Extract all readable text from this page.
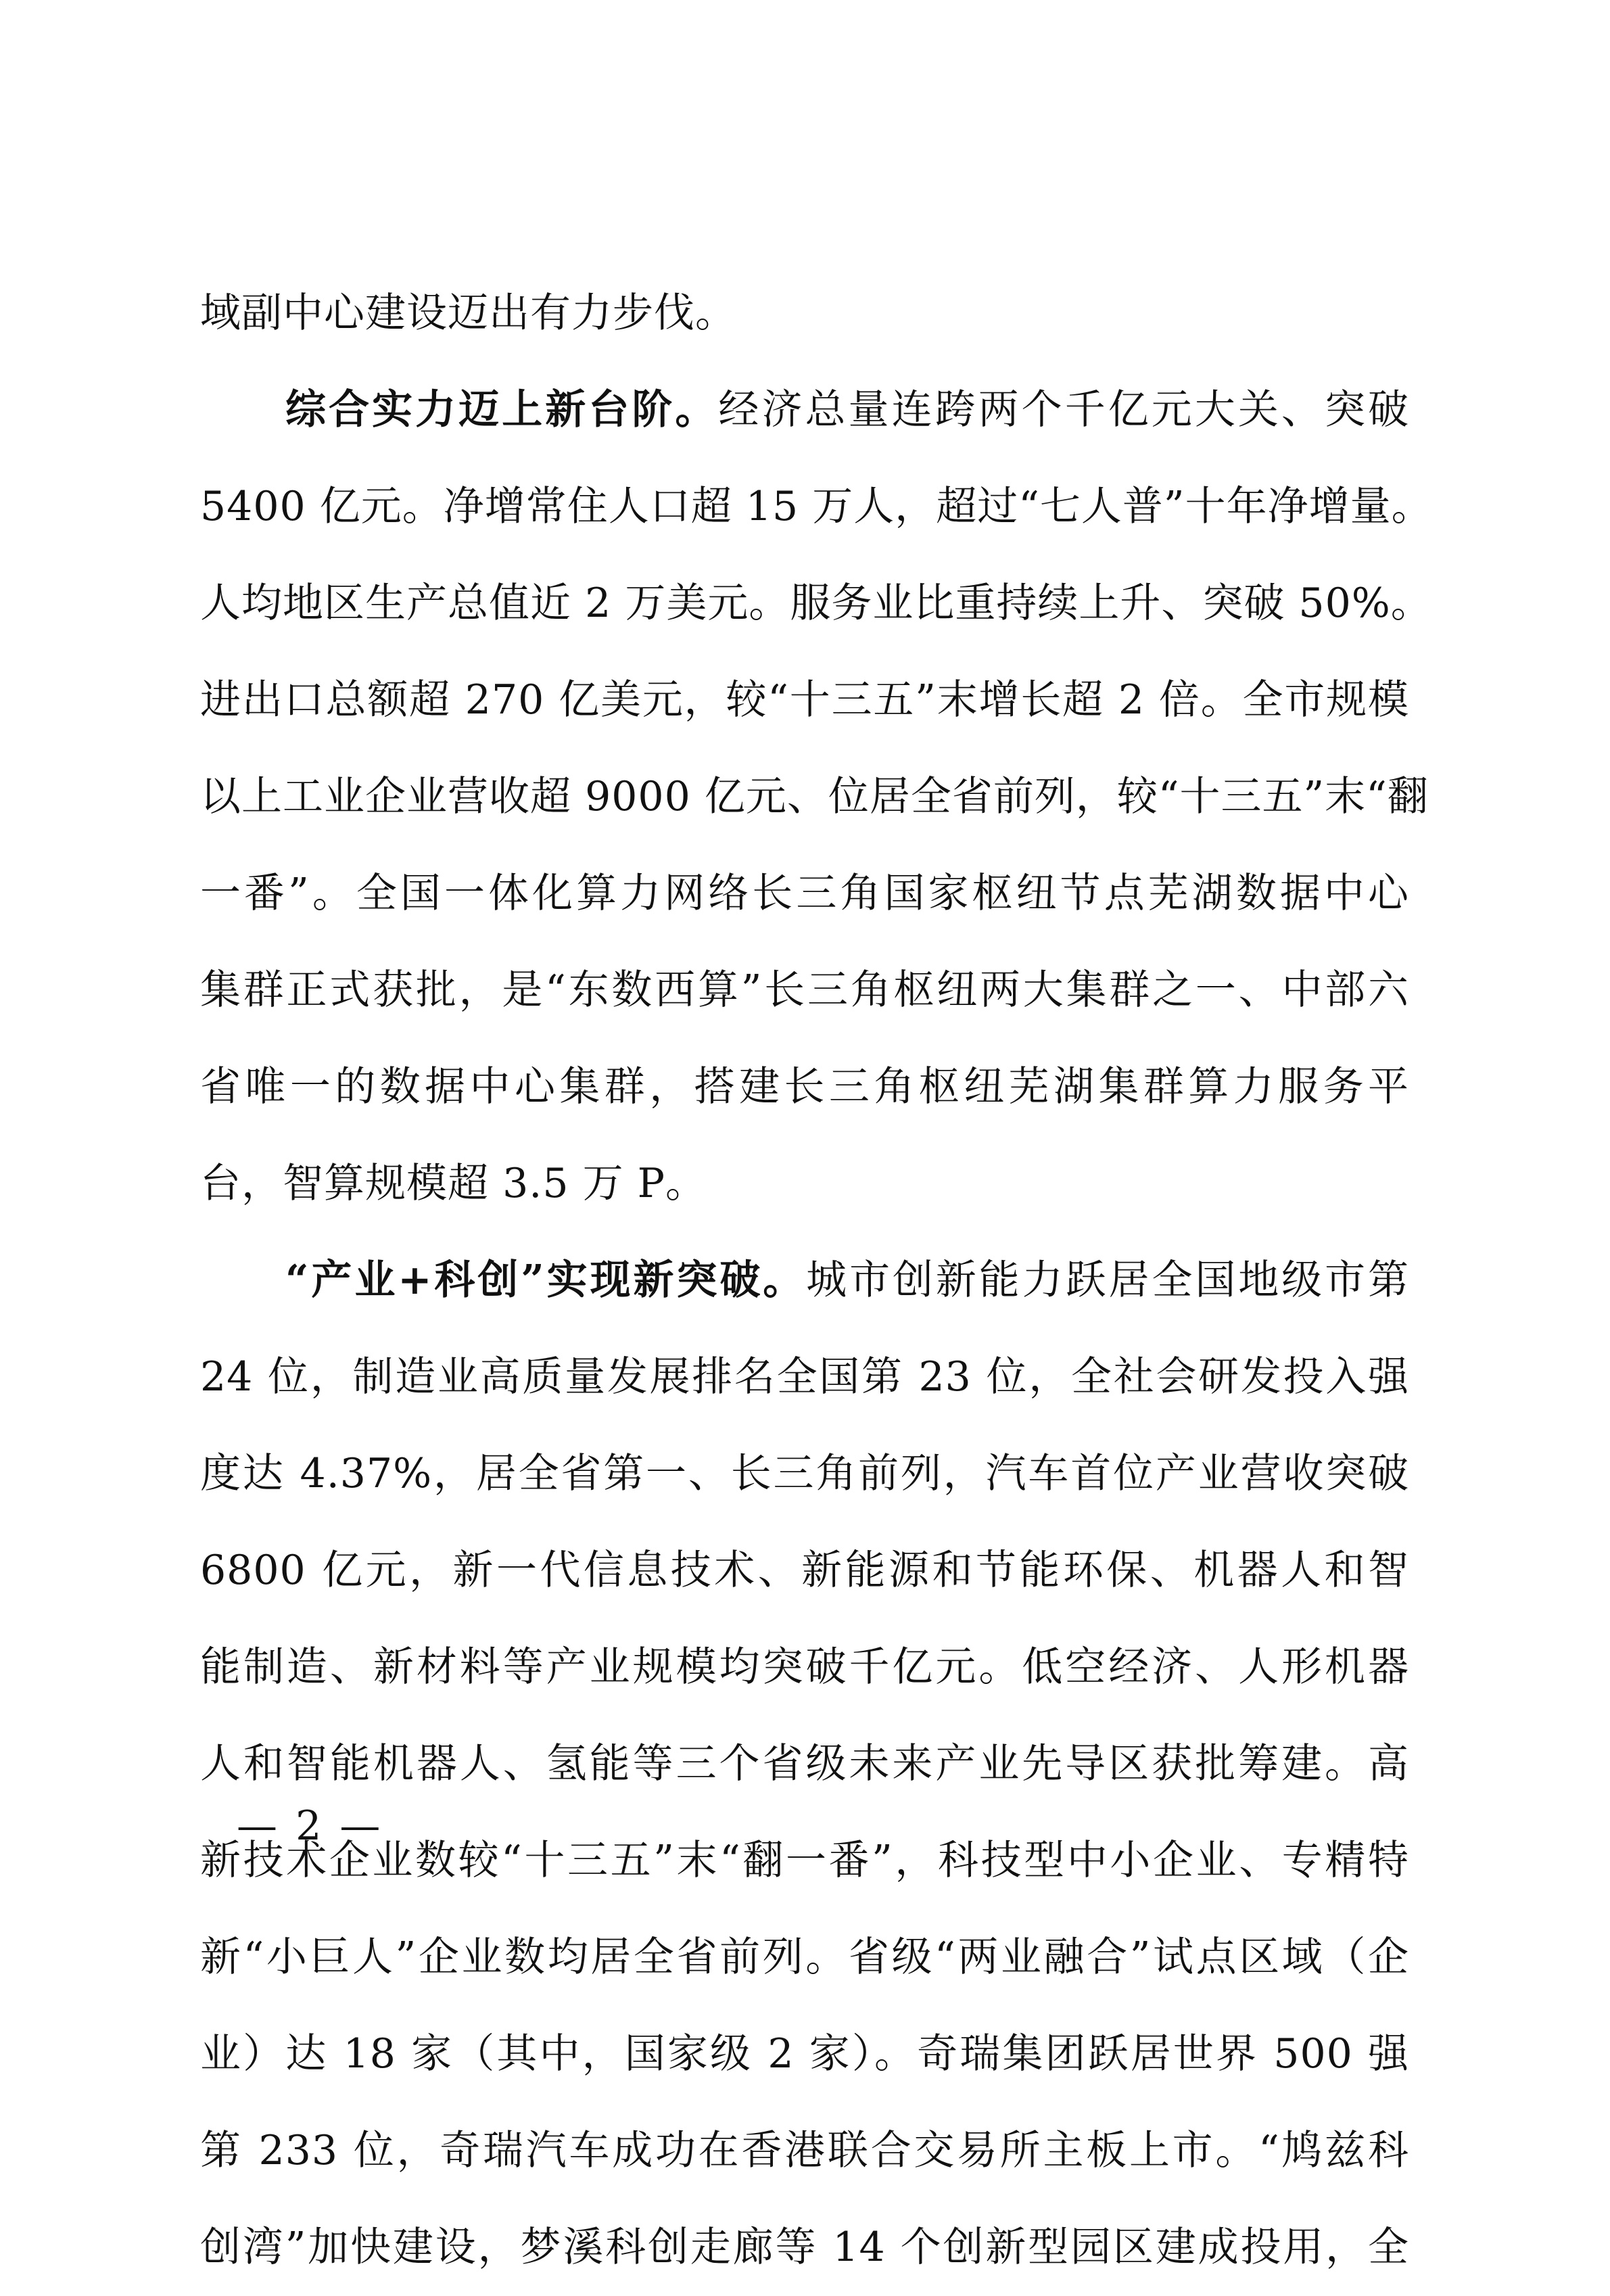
域副中心建设迈出有力步伐。
综合实力迈上新台阶。经济总量连跨两个千亿元大关、突破
5400 亿元。净增常住人口超 15 万人，超过“七人普”十年净增量。
人均地区生产总值近 2 万美元。服务业比重持续上升、突破 50%。
进出口总额超 270 亿美元，较“十三五”末增长超 2 倍。全市规模
以上工业企业营收超 9000 亿元、位居全省前列，较“十三五”末“翻
一番”。全国一体化算力网络长三角国家枢纽节点芜湖数据中心
集群正式获批，是“东数西算”长三角枢纽两大集群之一、中部六
省唯一的数据中心集群，搭建长三角枢纽芜湖集群算力服务平
台，智算规模超 3.5 万 P。
“产业+科创”实现新突破。城市创新能力跃居全国地级市第
24 位，制造业高质量发展排名全国第 23 位，全社会研发投入强
度达 4.37%，居全省第一、长三角前列，汽车首位产业营收突破
6800 亿元，新一代信息技术、新能源和节能环保、机器人和智
能制造、新材料等产业规模均突破千亿元。低空经济、人形机器
人和智能机器人、氢能等三个省级未来产业先导区获批筹建。高
新技术企业数较“十三五”末“翻一番”，科技型中小企业、专精特
新“小巨人”企业数均居全省前列。省级“两业融合”试点区域（企
业）达 18 家（其中，国家级 2 家）。奇瑞集团跃居世界 500 强
第 233 位，奇瑞汽车成功在香港联合交易所主板上市。“鸠兹科
创湾”加快建设，梦溪科创走廊等 14 个创新型园区建成投用，全
— 2 —
